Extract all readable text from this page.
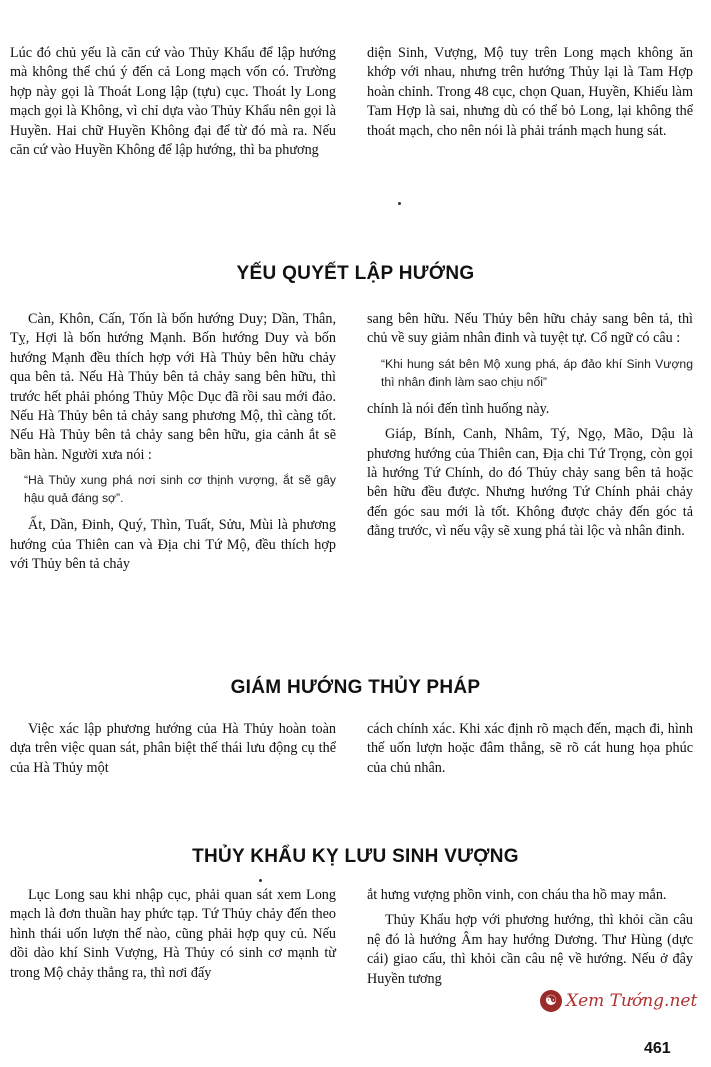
Lúc đó chủ yếu là căn cứ vào Thủy Khẩu để lập hướng mà không thể chú ý đến cả Long mạch vốn có. Trường hợp này gọi là Thoát Long lập (tựu) cục. Thoát ly Long mạch gọi là Không, vì chỉ dựa vào Thủy Khẩu nên gọi là Huyền. Hai chữ Huyền Không đại để từ đó mà ra. Nếu căn cứ vào Huyền Không để lập hướng, thì ba phương

diện Sinh, Vượng, Mộ tuy trên Long mạch không ăn khớp với nhau, nhưng trên hướng Thủy lại là Tam Hợp hoàn chỉnh. Trong 48 cục, chọn Quan, Huyền, Khiếu làm Tam Hợp là sai, nhưng dù có thể bỏ Long, lại không thể thoát mạch, cho nên nói là phải tránh mạch hung sát.

YẾU QUYẾT LẬP HƯỚNG

Càn, Khôn, Cấn, Tốn là bốn hướng Duy; Dần, Thân, Tỵ, Hợi là bốn hướng Mạnh. Bốn hướng Duy và bốn hướng Mạnh đều thích hợp với Hà Thủy bên hữu chảy qua bên tả. Nếu Hà Thủy bên tả chảy sang bên hữu, thì trước hết phải phóng Thủy Mộc Dục đã rồi sau mới đảo. Nếu Hà Thủy bên tả chảy sang phương Mộ, thì càng tốt. Nếu Hà Thủy bên tả chảy sang bên hữu, gia cảnh ắt sẽ bần hàn. Người xưa nói :

“Hà Thủy xung phá nơi sinh cơ thịnh vượng, ắt sẽ gây hậu quả đáng sợ”.

Ất, Dần, Đinh, Quý, Thìn, Tuất, Sửu, Mùi là phương hướng của Thiên can và Địa chi Tứ Mộ, đều thích hợp với Thủy bên tả chảy

sang bên hữu. Nếu Thủy bên hữu chảy sang bên tả, thì chủ về suy giảm nhân đinh và tuyệt tự. Cổ ngữ có câu :

“Khi hung sát bên Mộ xung phá, áp đảo khí Sinh Vượng thì nhân đinh làm sao chịu nổi”

chính là nói đến tình huống này.

Giáp, Bính, Canh, Nhâm, Tý, Ngọ, Mão, Dậu là phương hướng của Thiên can, Địa chi Tứ Trọng, còn gọi là hướng Tứ Chính, do đó Thủy chảy sang bên tả hoặc bên hữu đều được. Nhưng hướng Tứ Chính phải chảy đến góc sau mới là tốt. Không được chảy đến góc tả đằng trước, vì nếu vậy sẽ xung phá tài lộc và nhân đinh.

GIÁM HƯỚNG THỦY PHÁP

Việc xác lập phương hướng của Hà Thủy hoàn toàn dựa trên việc quan sát, phân biệt thế thái lưu động cụ thể của Hà Thủy một

cách chính xác. Khi xác định rõ mạch đến, mạch đi, hình thế uốn lượn hoặc đâm thẳng, sẽ rõ cát hung họa phúc của chủ nhân.

THỦY KHẨU KỴ LƯU SINH VƯỢNG

Lục Long sau khi nhập cục, phải quan sát xem Long mạch là đơn thuần hay phức tạp. Tứ Thủy chảy đến theo hình thái uốn lượn thế nào, cũng phải hợp quy củ. Nếu dồi dào khí Sinh Vượng, Hà Thủy có sinh cơ mạnh từ trong Mộ chảy thẳng ra, thì nơi đấy

ắt hưng vượng phồn vinh, con cháu tha hồ may mắn.

Thủy Khẩu hợp với phương hướng, thì khỏi cần câu nệ đó là hướng Âm hay hướng Dương. Thư Hùng (dực cái) giao cấu, thì khỏi cần câu nệ về hướng. Nếu ở đây Huyền tương

☯ Xem Tướng.net
461
